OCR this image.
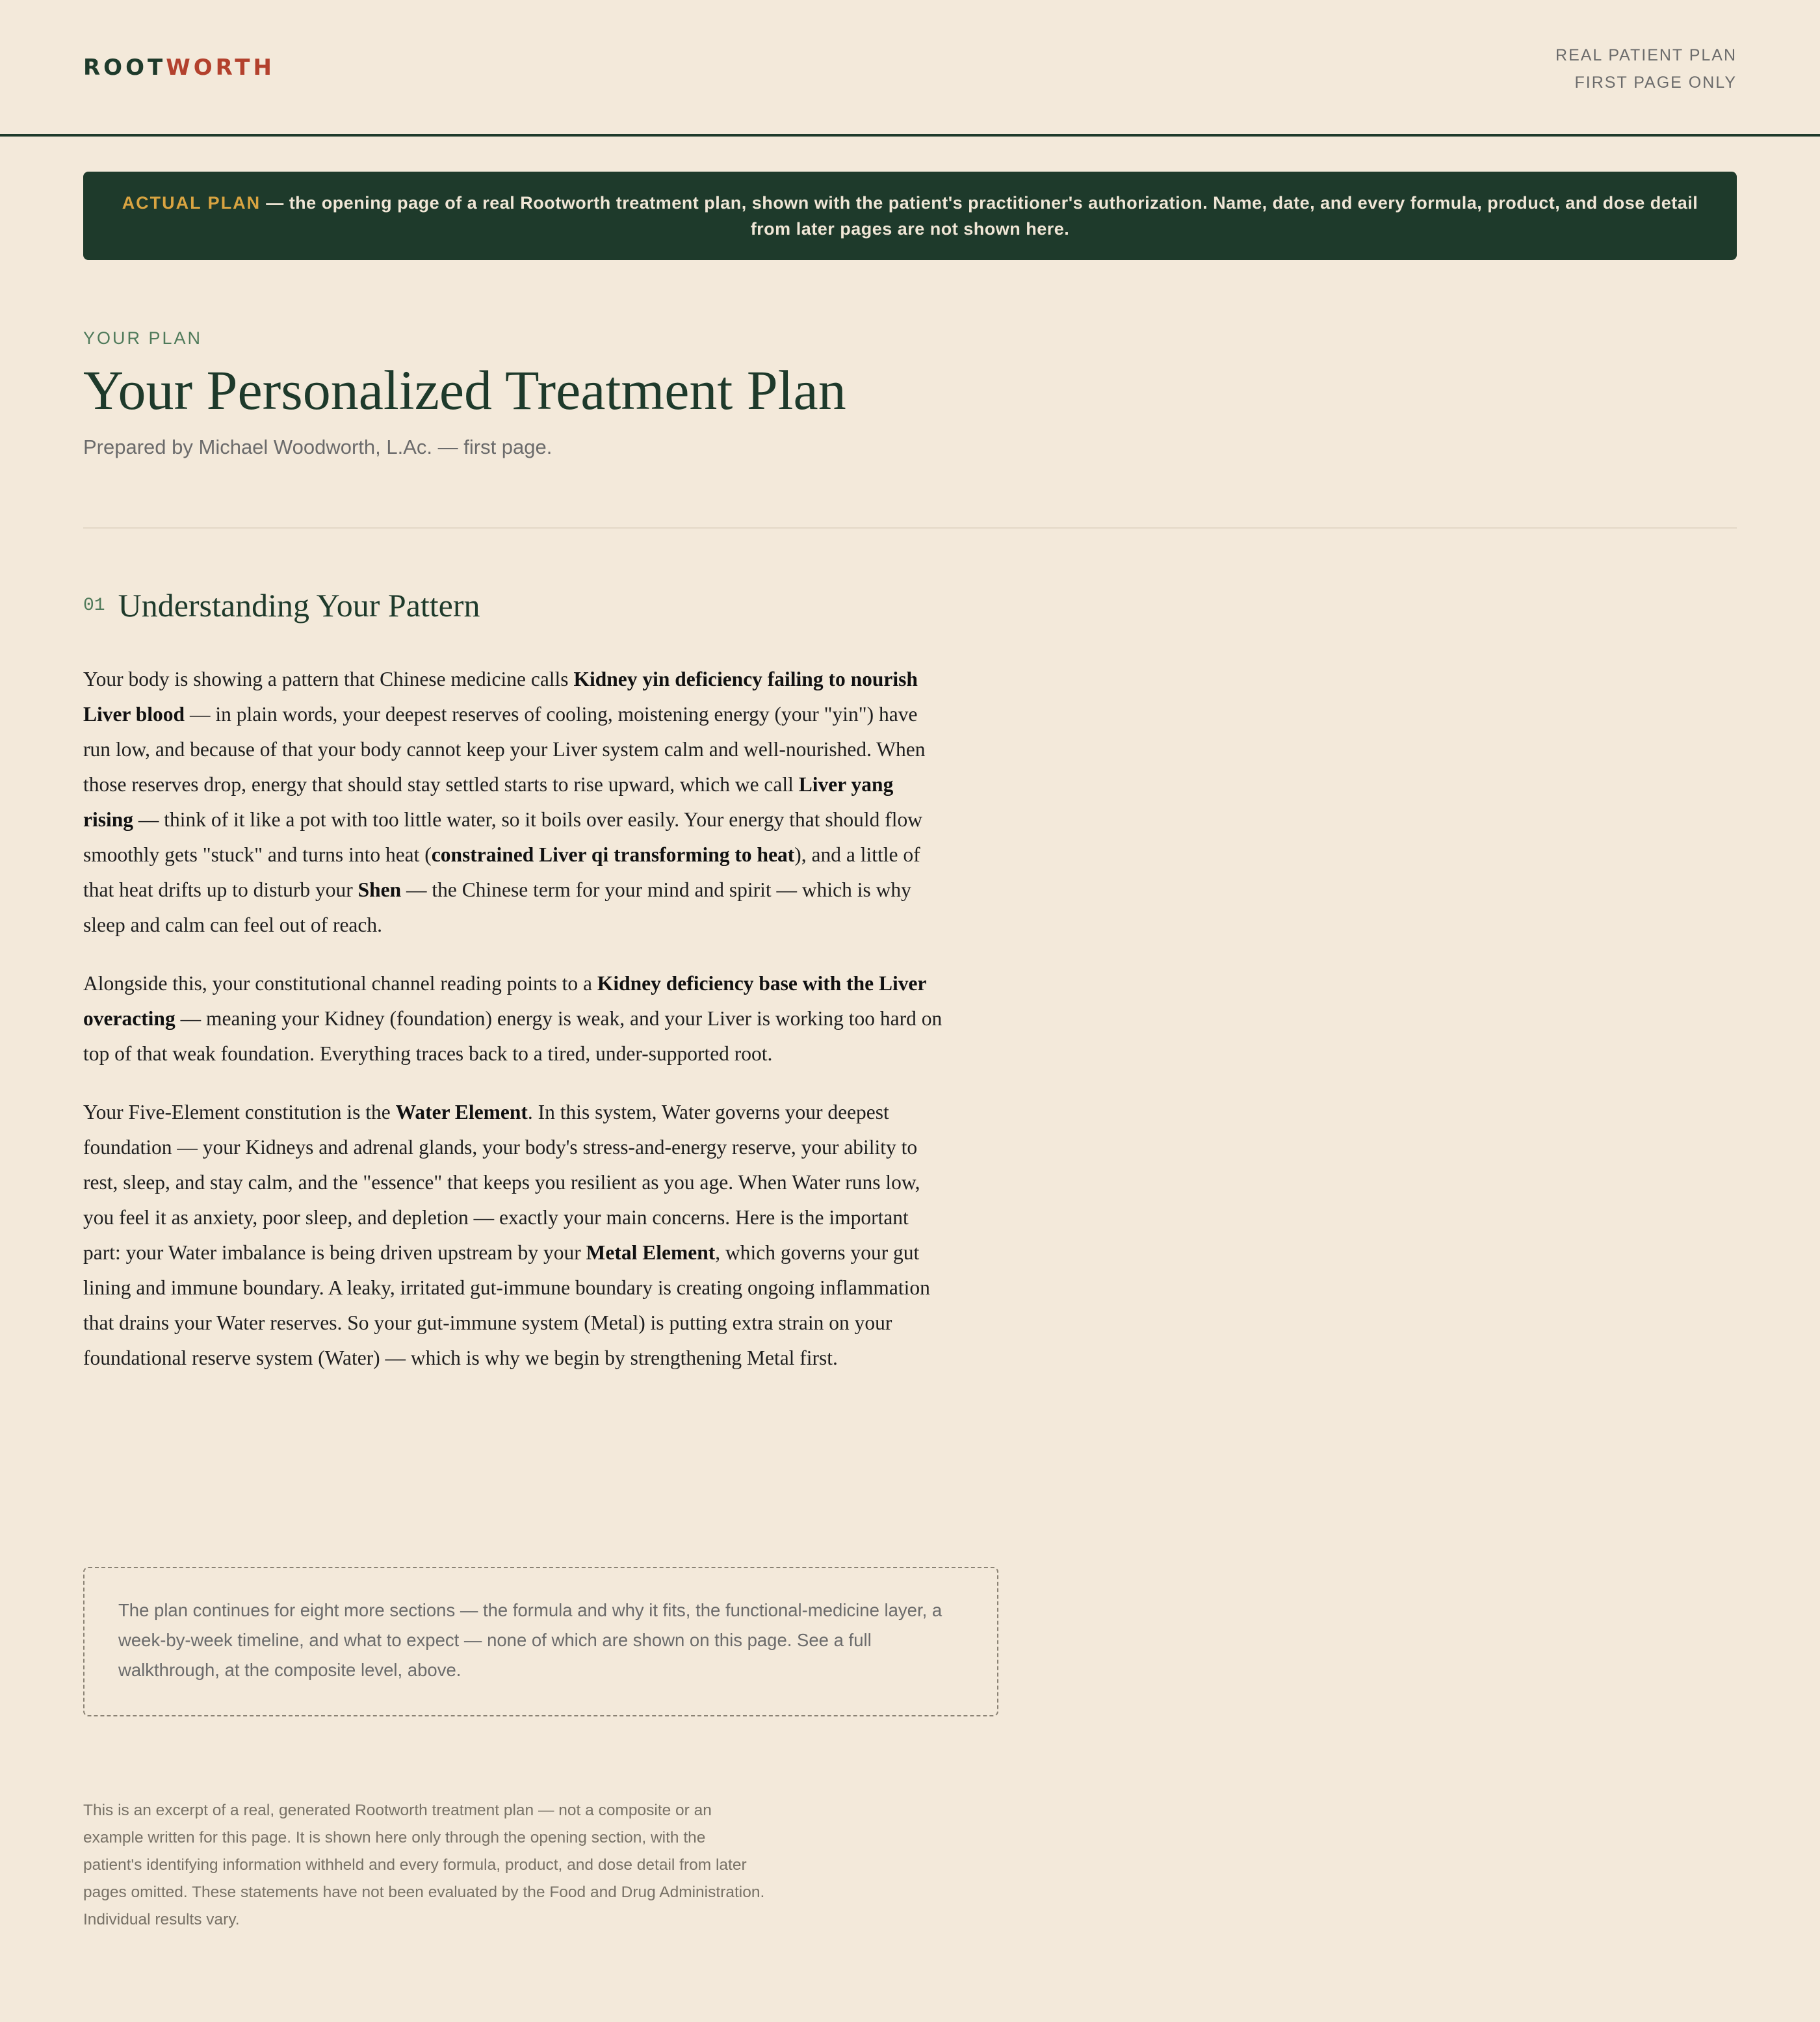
ROOTWORTH	REAL PATIENT PLAN
FIRST PAGE ONLY
ACTUAL PLAN — the opening page of a real Rootworth treatment plan, shown with the patient's practitioner's authorization. Name, date, and every formula, product, and dose detail from later pages are not shown here.
YOUR PLAN
Your Personalized Treatment Plan
Prepared by Michael Woodworth, L.Ac. — first page.
01 Understanding Your Pattern

Your body is showing a pattern that Chinese medicine calls Kidney yin deficiency failing to nourish Liver blood — in plain words, your deepest reserves of cooling, moistening energy (your "yin") have run low, and because of that your body cannot keep your Liver system calm and well-nourished. When those reserves drop, energy that should stay settled starts to rise upward, which we call Liver yang rising — think of it like a pot with too little water, so it boils over easily. Your energy that should flow smoothly gets "stuck" and turns into heat (constrained Liver qi transforming to heat), and a little of that heat drifts up to disturb your Shen — the Chinese term for your mind and spirit — which is why sleep and calm can feel out of reach.

Alongside this, your constitutional channel reading points to a Kidney deficiency base with the Liver overacting — meaning your Kidney (foundation) energy is weak, and your Liver is working too hard on top of that weak foundation. Everything traces back to a tired, under-supported root.

Your Five-Element constitution is the Water Element. In this system, Water governs your deepest foundation — your Kidneys and adrenal glands, your body's stress-and-energy reserve, your ability to rest, sleep, and stay calm, and the "essence" that keeps you resilient as you age. When Water runs low, you feel it as anxiety, poor sleep, and depletion — exactly your main concerns. Here is the important part: your Water imbalance is being driven upstream by your Metal Element, which governs your gut lining and immune boundary. A leaky, irritated gut-immune boundary is creating ongoing inflammation that drains your Water reserves. So your gut-immune system (Metal) is putting extra strain on your foundational reserve system (Water) — which is why we begin by strengthening Metal first.

The plan continues for eight more sections — the formula and why it fits, the functional-medicine layer, a week-by-week timeline, and what to expect — none of which are shown on this page. See a full walkthrough, at the composite level, above.
This is an excerpt of a real, generated Rootworth treatment plan — not a composite or an example written for this page. It is shown here only through the opening section, with the patient's identifying information withheld and every formula, product, and dose detail from later pages omitted. These statements have not been evaluated by the Food and Drug Administration. Individual results vary.
